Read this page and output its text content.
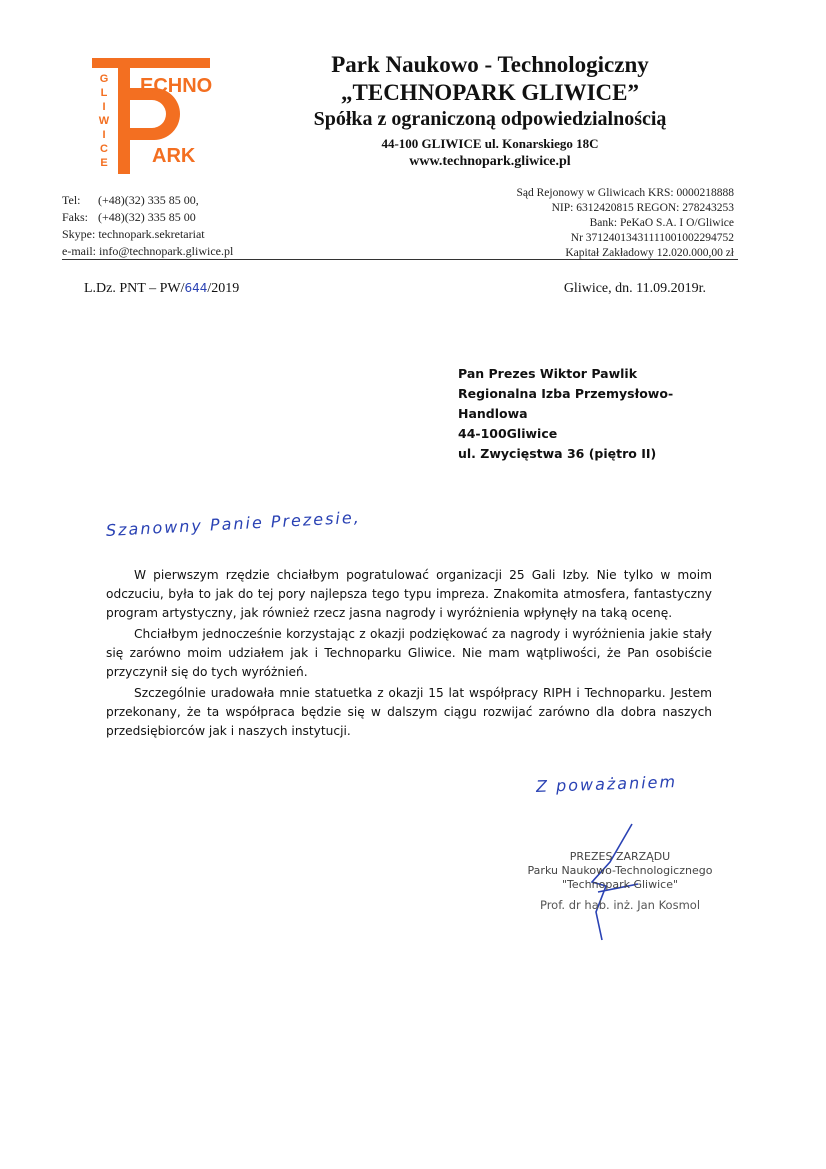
ECHNO
ARK
G
L
I
W
I
C
E
Park Naukowo - Technologiczny
„TECHNOPARK GLIWICE”
Spółka z ograniczoną odpowiedzialnością
44-100 GLIWICE ul. Konarskiego 18C
www.technopark.gliwice.pl
Tel: (+48)(32) 335 85 00,
Faks: (+48)(32) 335 85 00
Skype: technopark.sekretariat
e-mail: info@technopark.gliwice.pl
Sąd Rejonowy w Gliwicach KRS: 0000218888
NIP: 6312420815 REGON: 278243253
Bank: PeKaO S.A. I O/Gliwice
Nr 37124013431111001002294752
Kapitał Zakładowy 12.020.000,00 zł
L.Dz. PNT – PW/644/2019	Gliwice, dn. 11.09.2019r.
Pan Prezes Wiktor Pawlik
Regionalna Izba Przemysłowo-
Handlowa
44-100Gliwice
ul. Zwycięstwa 36 (piętro II)
Szanowny Panie Prezesie,

W pierwszym rzędzie chciałbym pogratulować organizacji 25 Gali Izby. Nie tylko w moim odczuciu, była to jak do tej pory najlepsza tego typu impreza. Znakomita atmosfera, fantastyczny program artystyczny, jak również rzecz jasna nagrody i wyróżnienia wpłynęły na taką ocenę.

Chciałbym jednocześnie korzystając z okazji podziękować za nagrody i wyróżnienia jakie stały się zarówno moim udziałem jak i Technoparku Gliwice. Nie mam wątpliwości, że Pan osobiście przyczynił się do tych wyróżnień.

Szczególnie uradowała mnie statuetka z okazji 15 lat współpracy RIPH i Technoparku. Jestem przekonany, że ta współpraca będzie się w dalszym ciągu rozwijać zarówno dla dobra naszych przedsiębiorców jak i naszych instytucji.

Z poważaniem
PREZES ZARZĄDU
Parku Naukowo-Technologicznego
"Technopark Gliwice"
Prof. dr hab. inż. Jan Kosmol
